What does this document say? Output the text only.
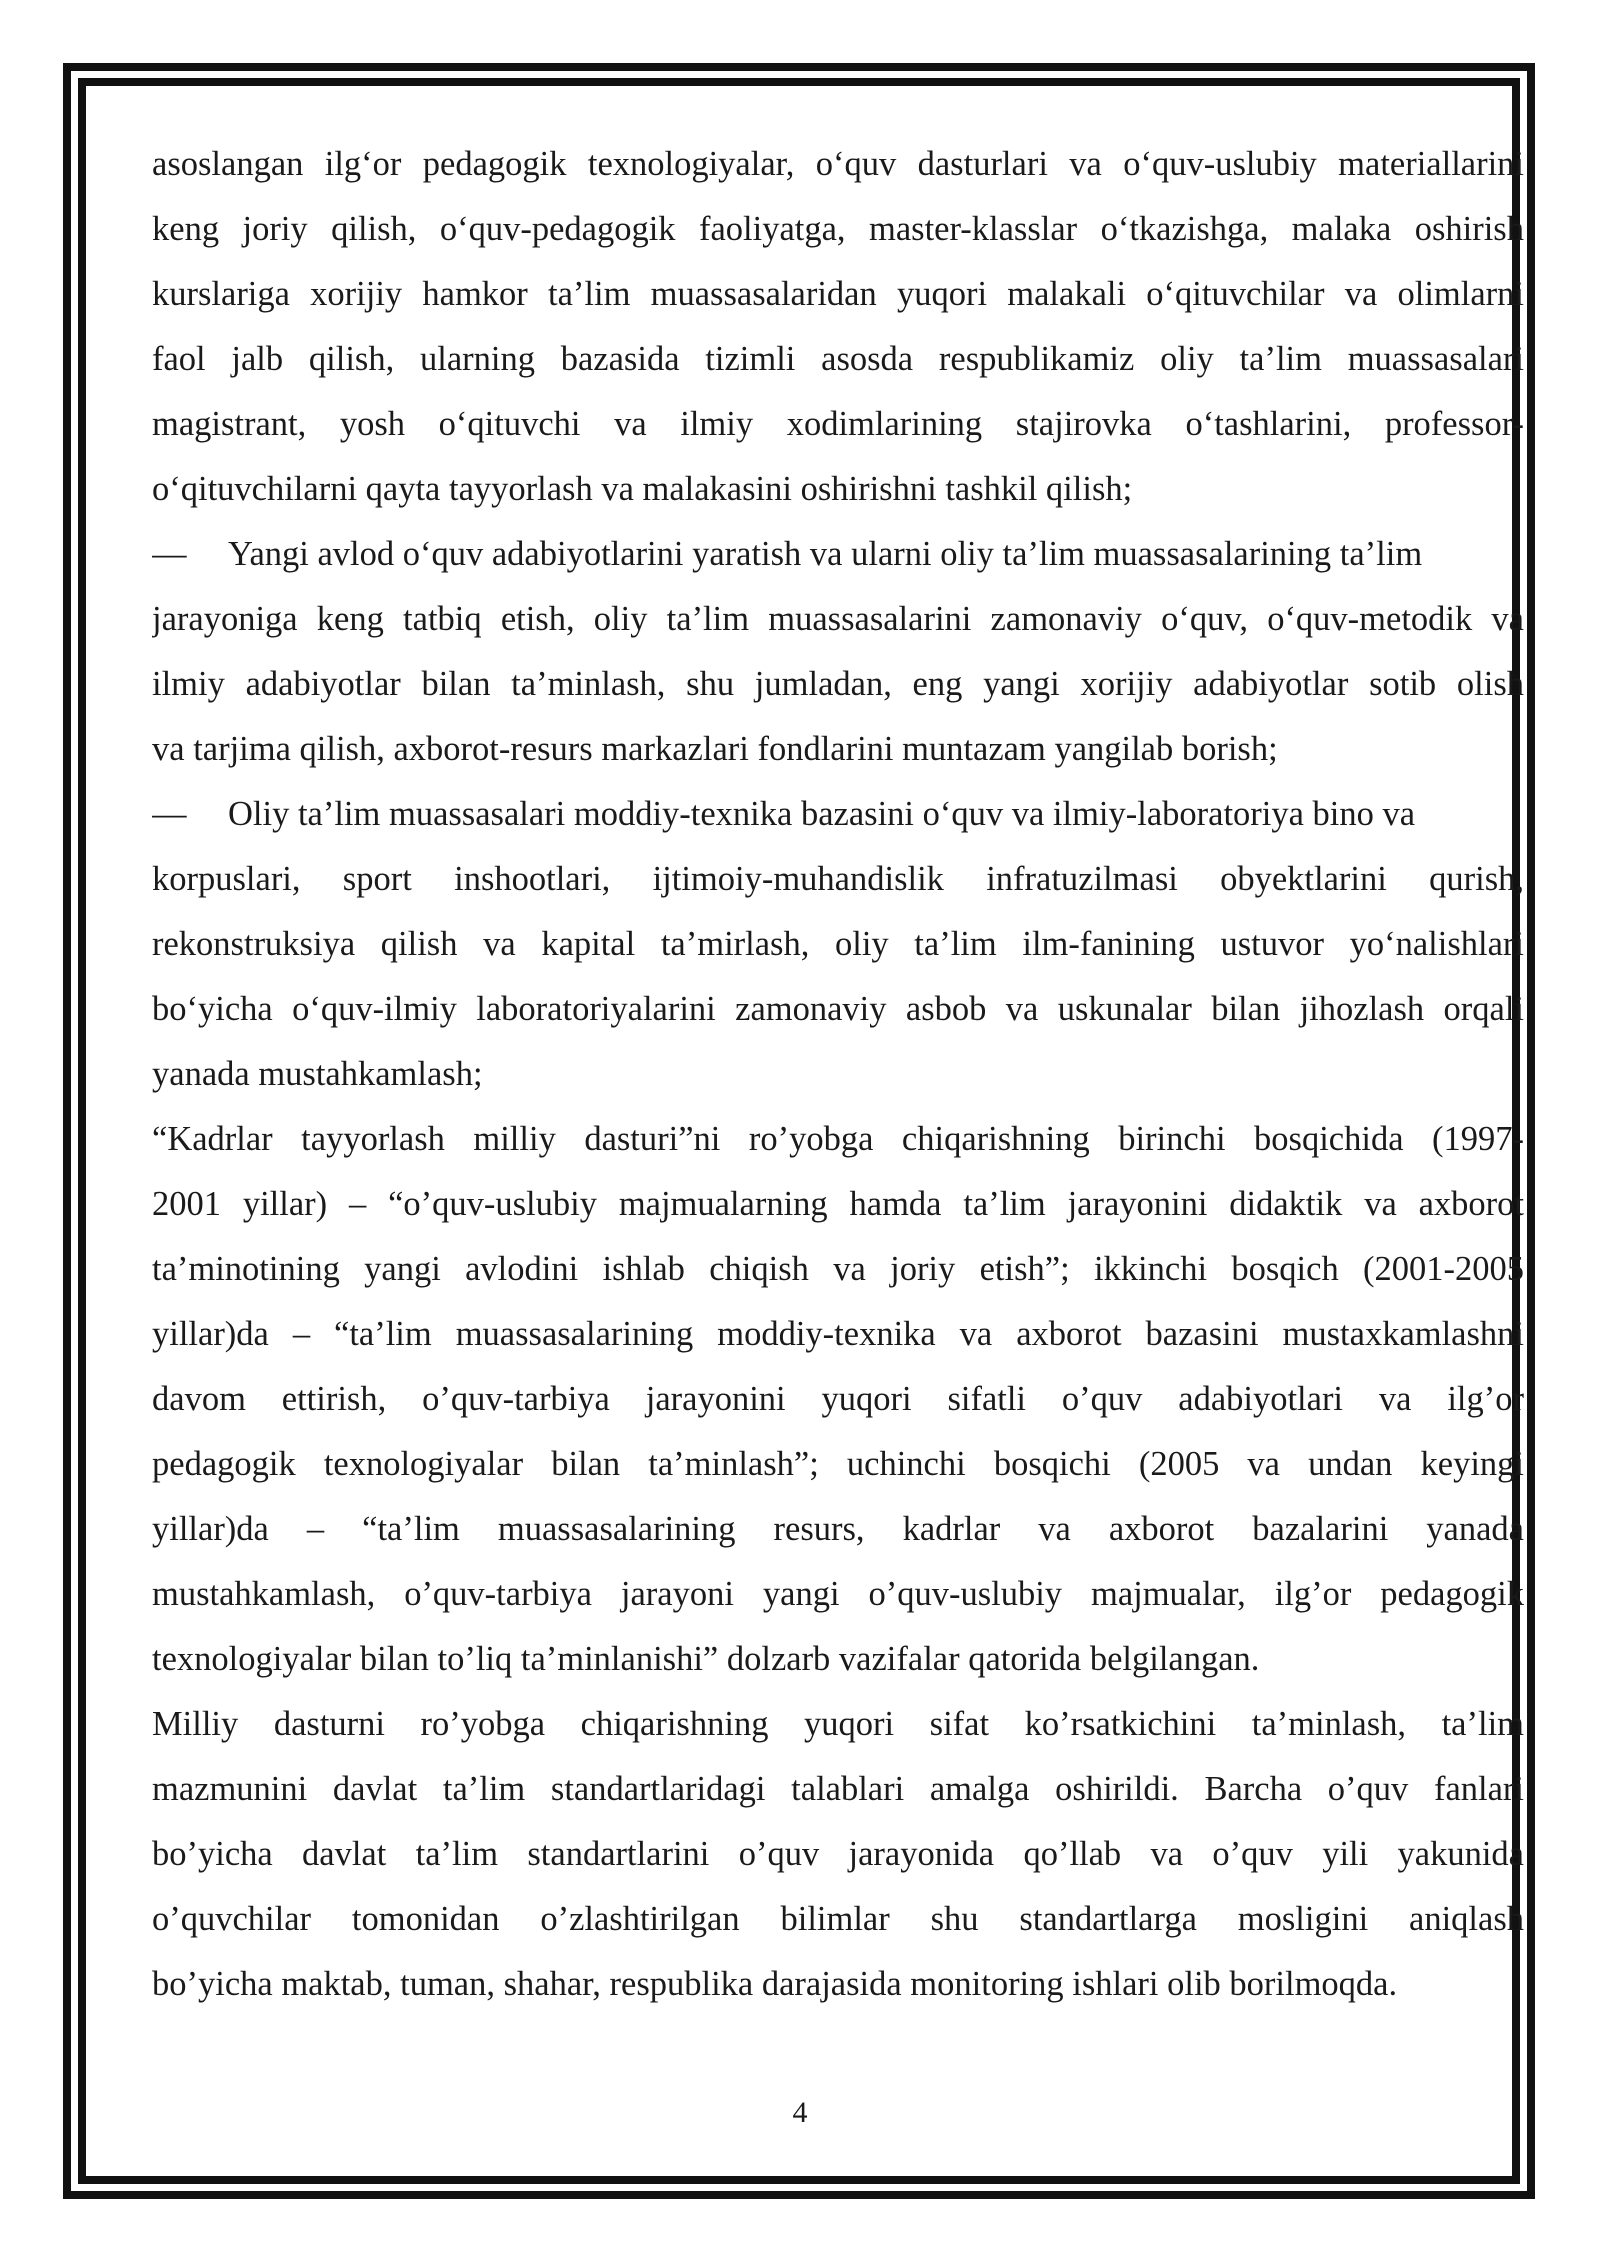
asoslangan ilg‘or pedagogik texnologiyalar, o‘quv dasturlari va o‘quv-uslubiy materiallarini
keng joriy qilish, o‘quv-pedagogik faoliyatga, master-klasslar o‘tkazishga, malaka oshirish
kurslariga xorijiy hamkor ta’lim muassasalaridan yuqori malakali o‘qituvchilar va olimlarni
faol jalb qilish, ularning bazasida tizimli asosda respublikamiz oliy ta’lim muassasalari
magistrant, yosh o‘qituvchi va ilmiy xodimlarining stajirovka o‘tashlarini, professor-
o‘qituvchilarni qayta tayyorlash va malakasini oshirishni tashkil qilish;
— Yangi avlod o‘quv adabiyotlarini yaratish va ularni oliy ta’lim muassasalarining ta’lim
jarayoniga keng tatbiq etish, oliy ta’lim muassasalarini zamonaviy o‘quv, o‘quv-metodik va
ilmiy adabiyotlar bilan ta’minlash, shu jumladan, eng yangi xorijiy adabiyotlar sotib olish
va tarjima qilish, axborot-resurs markazlari fondlarini muntazam yangilab borish;
— Oliy ta’lim muassasalari moddiy-texnika bazasini o‘quv va ilmiy-laboratoriya bino va
korpuslari, sport inshootlari, ijtimoiy-muhandislik infratuzilmasi obyektlarini qurish,
rekonstruksiya qilish va kapital ta’mirlash, oliy ta’lim ilm-fanining ustuvor yo‘nalishlari
bo‘yicha o‘quv-ilmiy laboratoriyalarini zamonaviy asbob va uskunalar bilan jihozlash orqali
yanada mustahkamlash;
“Kadrlar tayyorlash milliy dasturi”ni ro’yobga chiqarishning birinchi bosqichida (1997-
2001 yillar) – “o’quv-uslubiy majmualarning hamda ta’lim jarayonini didaktik va axborot
ta’minotining yangi avlodini ishlab chiqish va joriy etish”; ikkinchi bosqich (2001-2005
yillar)da – “ta’lim muassasalarining moddiy-texnika va axborot bazasini mustaxkamlashni
davom ettirish, o’quv-tarbiya jarayonini yuqori sifatli o’quv adabiyotlari va ilg’or
pedagogik texnologiyalar bilan ta’minlash”; uchinchi bosqichi (2005 va undan keyingi
yillar)da – “ta’lim muassasalarining resurs, kadrlar va axborot bazalarini yanada
mustahkamlash, o’quv-tarbiya jarayoni yangi o’quv-uslubiy majmualar, ilg’or pedagogik
texnologiyalar bilan to’liq ta’minlanishi” dolzarb vazifalar qatorida belgilangan.
Milliy dasturni ro’yobga chiqarishning yuqori sifat ko’rsatkichini ta’minlash, ta’lim
mazmunini davlat ta’lim standartlaridagi talablari amalga oshirildi. Barcha o’quv fanlari
bo’yicha davlat ta’lim standartlarini o’quv jarayonida qo’llab va o’quv yili yakunida
o’quvchilar tomonidan o’zlashtirilgan bilimlar shu standartlarga mosligini aniqlash
bo’yicha maktab, tuman, shahar, respublika darajasida monitoring ishlari olib borilmoqda.
4
